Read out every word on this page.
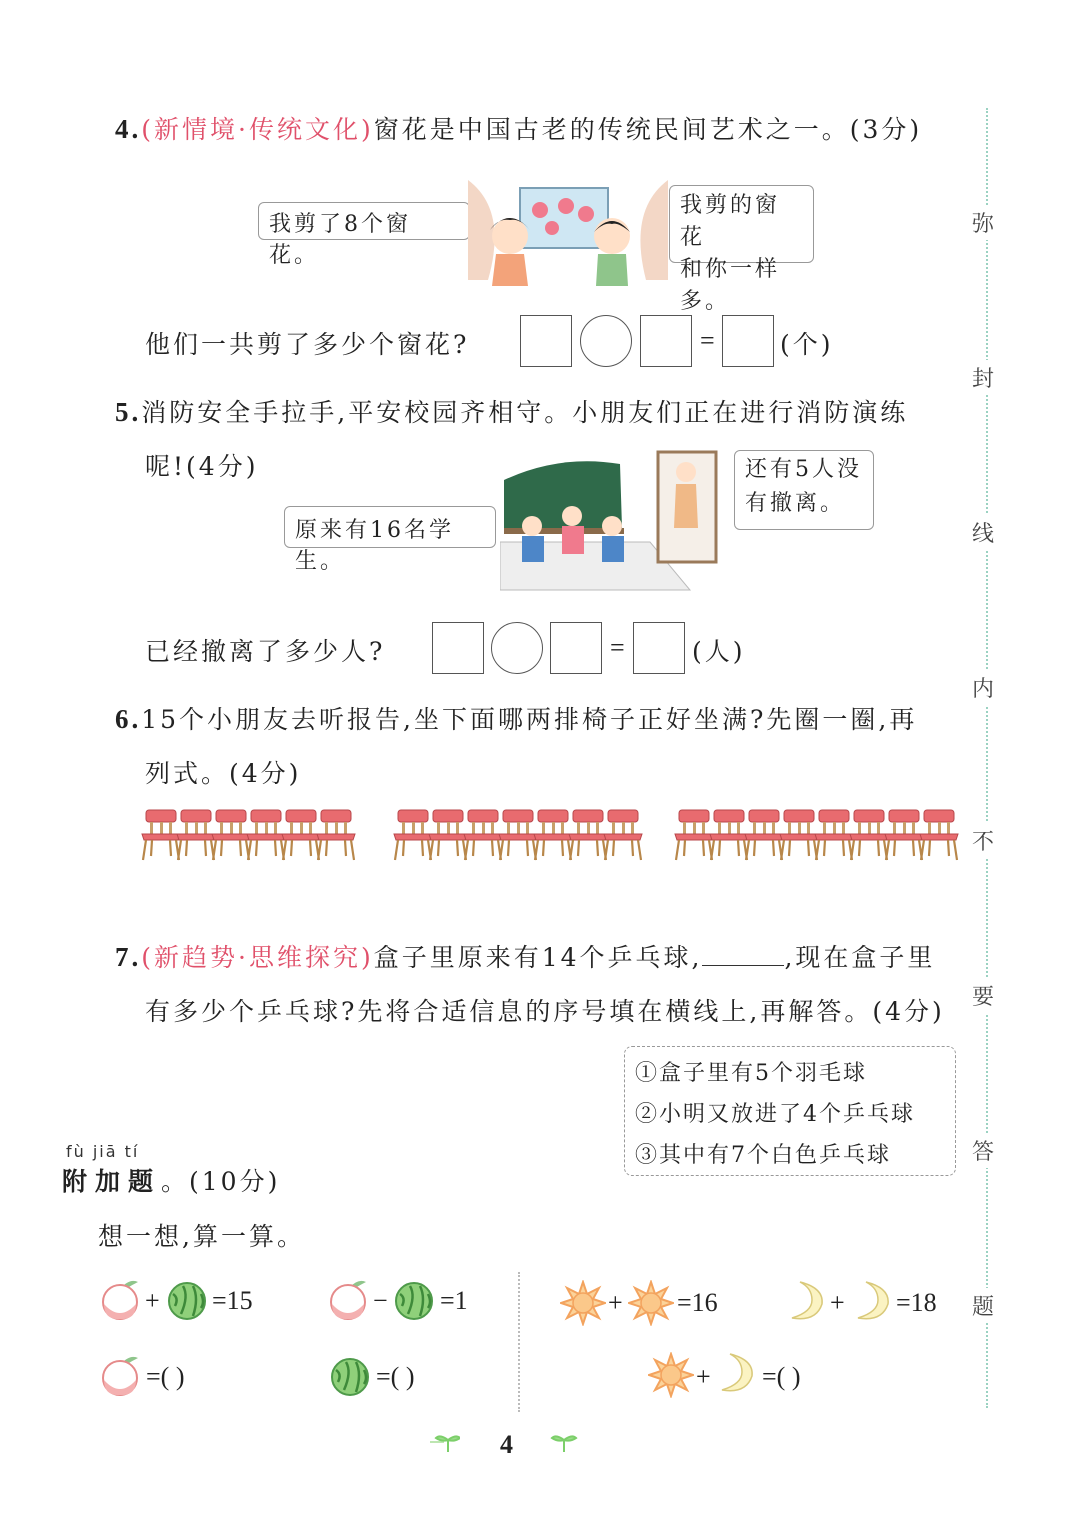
弥
封
线
内
不
要
答
题
4.(新情境·传统文化)窗花是中国古老的传统民间艺术之一。(3分)
我剪了8个窗花。
我剪的窗花
和你一样多。
他们一共剪了多少个窗花?	=	(个)
5.消防安全手拉手,平安校园齐相守。小朋友们正在进行消防演练
呢!(4分)
原来有16名学生。
还有5人没
有撤离。
已经撤离了多少人?	=	(人)
6.15个小朋友去听报告,坐下面哪两排椅子正好坐满?先圈一圈,再
列式。(4分)
7.(新趋势·思维探究)盒子里原来有14个乒乓球,	,现在盒子里
有多少个乒乓球?先将合适信息的序号填在横线上,再解答。(4分)
①盒子里有5个羽毛球
②小明又放进了4个乒乓球
③其中有7个白色乒乓球
fù jiā tí
附加题。(10分)
想一想,算一算。
+ =15	− =1
=( )	=( )
+ =16	+ =18
+ =( )
4
